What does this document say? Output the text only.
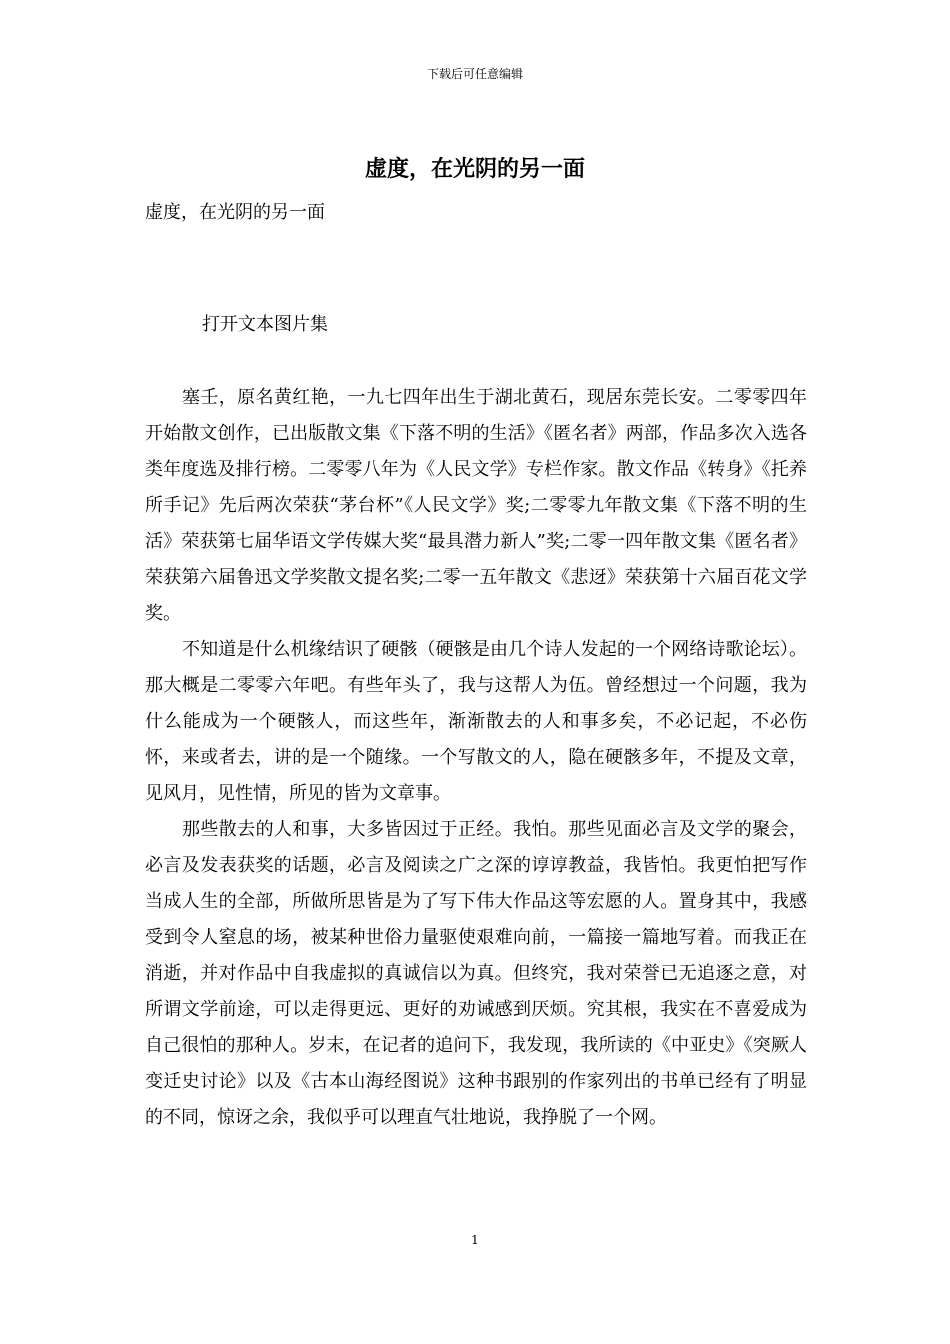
下载后可任意编辑
虚度，在光阴的另一面
虚度，在光阴的另一面
打开文本图片集

塞壬，原名黄红艳，一九七四年出生于湖北黄石，现居东莞长安。二零零四年开始散文创作，已出版散文集《下落不明的生活》《匿名者》两部，作品多次入选各类年度选及排行榜。二零零八年为《人民文学》专栏作家。散文作品《转身》《托养所手记》先后两次荣获“茅台杯”《人民文学》奖;二零零九年散文集《下落不明的生活》荣获第七届华语文学传媒大奖“最具潜力新人”奖;二零一四年散文集《匿名者》荣获第六届鲁迅文学奖散文提名奖;二零一五年散文《悲迓》荣获第十六届百花文学奖。

不知道是什么机缘结识了硬骸（硬骸是由几个诗人发起的一个网络诗歌论坛）。那大概是二零零六年吧。有些年头了，我与这帮人为伍。曾经想过一个问题，我为什么能成为一个硬骸人，而这些年，渐渐散去的人和事多矣，不必记起，不必伤怀，来或者去，讲的是一个随缘。一个写散文的人，隐在硬骸多年，不提及文章，见风月，见性情，所见的皆为文章事。

那些散去的人和事，大多皆因过于正经。我怕。那些见面必言及文学的聚会，必言及发表获奖的话题，必言及阅读之广之深的谆谆教益，我皆怕。我更怕把写作当成人生的全部，所做所思皆是为了写下伟大作品这等宏愿的人。置身其中，我感受到令人窒息的场，被某种世俗力量驱使艰难向前，一篇接一篇地写着。而我正在消逝，并对作品中自我虚拟的真诚信以为真。但终究，我对荣誉已无追逐之意，对所谓文学前途，可以走得更远、更好的劝诫感到厌烦。究其根，我实在不喜爱成为自己很怕的那种人。岁末，在记者的追问下，我发现，我所读的《中亚史》《突厥人变迁史讨论》以及《古本山海经图说》这种书跟别的作家列出的书单已经有了明显的不同，惊讶之余，我似乎可以理直气壮地说，我挣脱了一个网。

1
